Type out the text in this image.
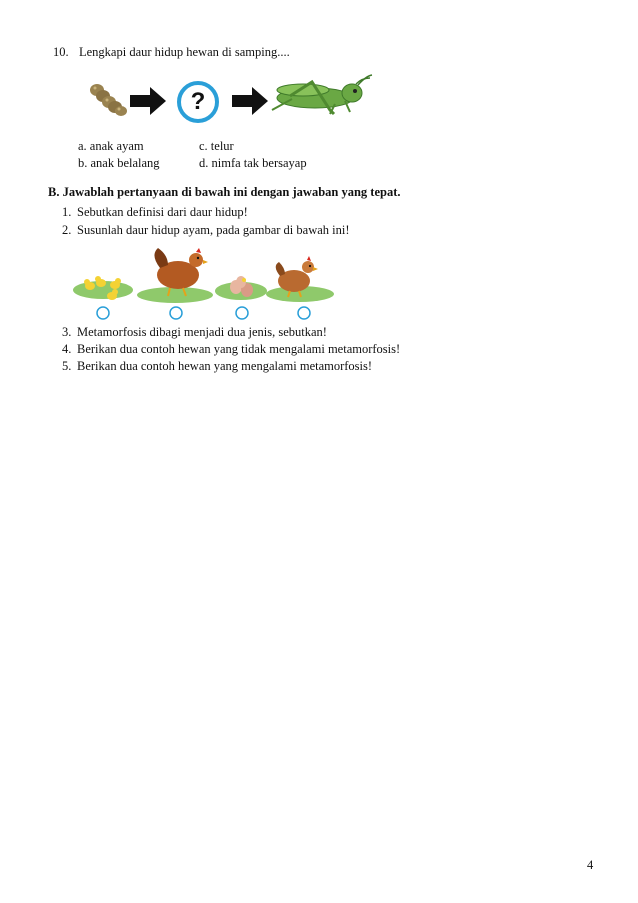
10. Lengkapi daur hidup hewan di samping....
?
a. anak ayam	c. telur
b. anak belalang	d. nimfa tak bersayap
B. Jawablah pertanyaan di bawah ini dengan jawaban yang tepat.
1. Sebutkan definisi dari daur hidup!
2. Susunlah daur hidup ayam, pada gambar di bawah ini!
3. Metamorfosis dibagi menjadi dua jenis, sebutkan!
4. Berikan dua contoh hewan yang tidak mengalami metamorfosis!
5. Berikan dua contoh hewan yang mengalami metamorfosis!
4
